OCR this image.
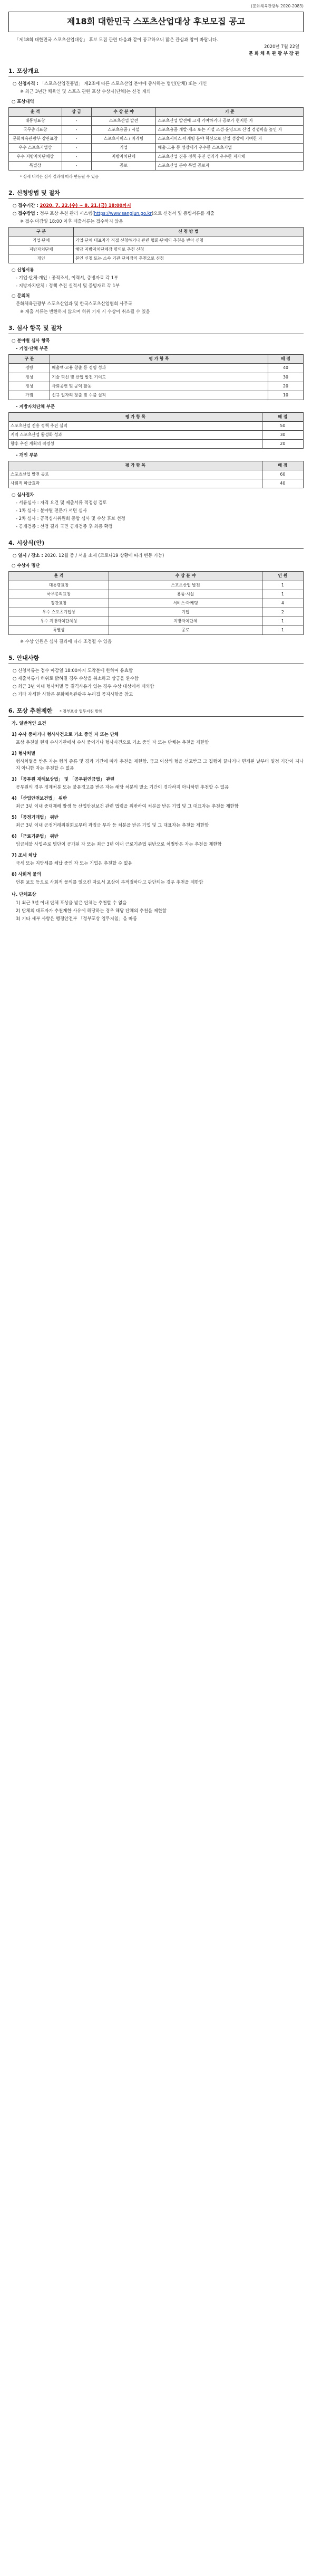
(문화체육관광부 2020-2083)
제18회 대한민국 스포츠산업대상 후보모집 공고

「제18회 대한민국 스포츠산업대상」 후보 모집 관련 다음과 같이 공고하오니 많은 관심과 참여 바랍니다.

2020년 7월 22일

문 화 체 육 관 광 부 장 관

1. 포상개요
○ 신청자격 : 「스포츠산업진흥법」 제2조에 따른 스포츠산업 분야에 종사하는 법인(단체) 또는 개인
※ 최근 3년간 체육인 및 스포츠 관련 포상 수상자(단체)는 신청 제외
○ 포상내역
훈 격	상 금	수 상 분 야	기 준
대통령표창	-	스포츠산업 발전	스포츠산업 발전에 크게 기여하거나 공로가 현저한 자
국무총리표창	-	스포츠용품 / 시설	스포츠용품 개발·제조 또는 시설 조성·운영으로 산업 경쟁력을 높인 자
문화체육관광부 장관표창	-	스포츠서비스 / 마케팅	스포츠서비스·마케팅 분야 혁신으로 산업 성장에 기여한 자
우수 스포츠기업상	-	기업	매출·고용 등 성장세가 우수한 스포츠기업
우수 지방자치단체상	-	지방자치단체	스포츠산업 진흥 정책 추진 성과가 우수한 지자체
특별상	-	공로	스포츠산업 분야 특별 공로자
* 상세 내역은 심사 결과에 따라 변동될 수 있음
2. 신청방법 및 절차
○ 접수기간 : 2020. 7. 22.(수) ~ 8. 21.(금) 18:00까지
○ 접수방법 : 정부 포상 추천 관리 시스템(https://www.sangjun.go.kr)으로 신청서 및 증빙서류를 제출
※ 접수 마감일 18:00 이후 제출서류는 접수하지 않음
구 분	신 청 방 법
기업·단체	기업·단체 대표자가 직접 신청하거나 관련 협회·단체의 추천을 받아 신청
지방자치단체	해당 지방자치단체장 명의로 추천 신청
개인	본인 신청 또는 소속 기관·단체장의 추천으로 신청
○ 신청서류
- 기업·단체·개인 : 공적조서, 이력서, 증빙자료 각 1부
- 지방자치단체 : 정책 추진 실적서 및 증빙자료 각 1부
○ 문의처
문화체육관광부 스포츠산업과 및 한국스포츠산업협회 사무국
※ 제출 서류는 반환하지 않으며 허위 기재 시 수상이 취소될 수 있음
3. 심사 항목 및 절차
○ 분야별 심사 항목
- 기업·단체 부문
구 분	평 가 항 목	배 점
정량	매출액·고용 창출 등 경영 성과	40
정성	기술 혁신 및 산업 발전 기여도	30
정성	사회공헌 및 공익 활동	20
가점	신규 일자리 창출 및 수출 실적	10
- 지방자치단체 부문
평 가 항 목	배 점
스포츠산업 진흥 정책 추진 실적	50
지역 스포츠산업 활성화 성과	30
향후 추진 계획의 적정성	20
- 개인 부문
평 가 항 목	배 점
스포츠산업 발전 공로	60
사회적 파급효과	40
○ 심사절차
- 서류심사 : 자격 요건 및 제출서류 적정성 검토
- 1차 심사 : 분야별 전문가 서면 심사
- 2차 심사 : 공적심사위원회 종합 심사 및 수상 후보 선정
- 공개검증 : 선정 결과 국민 공개검증 후 최종 확정
4. 시상식(안)
○ 일시 / 장소 : 2020. 12월 중 / 서울 소재 (코로나19 상황에 따라 변동 가능)
○ 수상자 명단
훈 격	수 상 분 야	인 원
대통령표창	스포츠산업 발전	1
국무총리표창	용품·시설	1
장관표창	서비스·마케팅	4
우수 스포츠기업상	기업	2
우수 지방자치단체상	지방자치단체	1
특별상	공로	1
※ 수상 인원은 심사 결과에 따라 조정될 수 있음
5. 안내사항
○ 신청서류는 접수 마감일 18:00까지 도착분에 한하여 유효함
○ 제출서류가 허위로 밝혀질 경우 수상을 취소하고 상금을 환수함
○ 최근 3년 이내 형사처벌 등 결격사유가 있는 경우 수상 대상에서 제외함
○ 기타 자세한 사항은 문화체육관광부 누리집 공지사항을 참고
6. 포상 추천제한 * 정부포상 업무지침 발췌
가. 일반적인 요건
1) 수사 중이거나 형사사건으로 기소 중인 자 또는 단체
포상 추천일 현재 수사기관에서 수사 중이거나 형사사건으로 기소 중인 자 또는 단체는 추천을 제한함
2) 형사처벌
형사처벌을 받은 자는 형의 종류 및 경과 기간에 따라 추천을 제한함. 금고 이상의 형을 선고받고 그 집행이 끝나거나 면제된 날부터 일정 기간이 지나지 아니한 자는 추천할 수 없음
3) 「공무원 재해보상법」 및 「공무원연금법」 관련
공무원의 경우 징계처분 또는 불문경고를 받은 자는 해당 처분의 말소 기간이 경과하지 아니하면 추천할 수 없음
4) 「산업안전보건법」 위반
최근 3년 이내 중대재해 발생 등 산업안전보건 관련 법령을 위반하여 처분을 받은 기업 및 그 대표자는 추천을 제한함
5) 「공정거래법」 위반
최근 3년 이내 공정거래위원회로부터 과징금 부과 등 처분을 받은 기업 및 그 대표자는 추천을 제한함
6) 「근로기준법」 위반
임금체불 사업주로 명단이 공개된 자 또는 최근 3년 이내 근로기준법 위반으로 처벌받은 자는 추천을 제한함
7) 조세 체납
국세 또는 지방세를 체납 중인 자 또는 기업은 추천할 수 없음
8) 사회적 물의
언론 보도 등으로 사회적 물의를 일으킨 자로서 포상이 부적절하다고 판단되는 경우 추천을 제한함
나. 단체포상
1) 최근 3년 이내 단체 포상을 받은 단체는 추천할 수 없음
2) 단체의 대표자가 추천제한 사유에 해당하는 경우 해당 단체의 추천을 제한함
3) 기타 세부 사항은 행정안전부 「정부포상 업무지침」을 따름
